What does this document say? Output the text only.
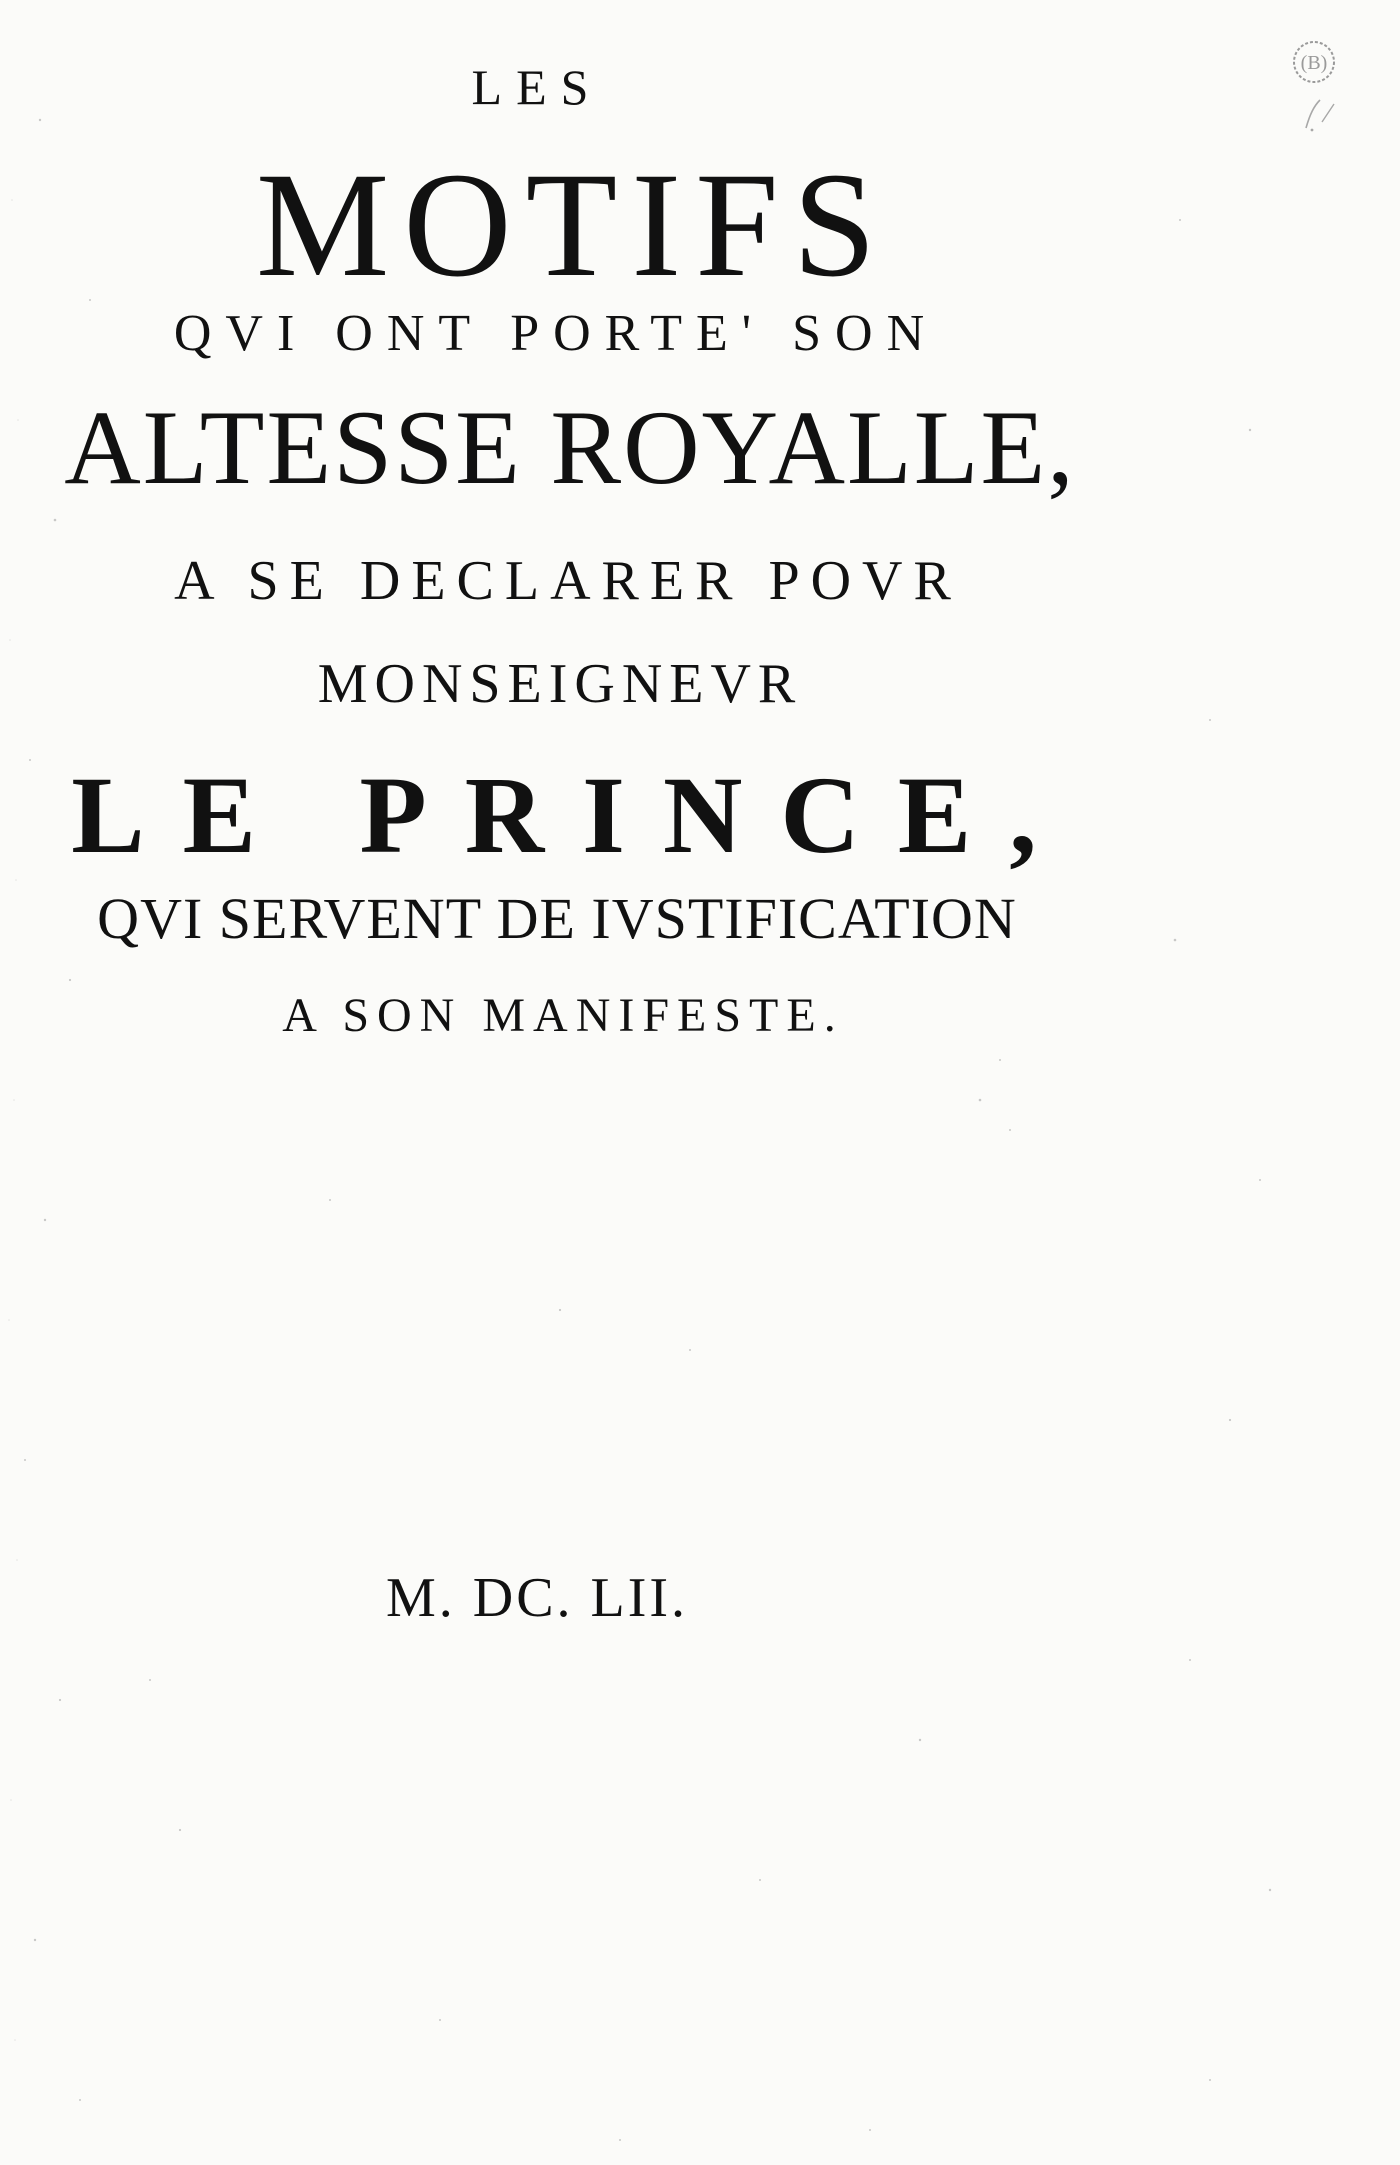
LES
MOTIFS
QVI ONT PORTE' SON
ALTESSE ROYALLE,
A SE DECLARER POVR
MONSEIGNEVR
LE PRINCE,
QVI SERVENT DE IVSTIFICATION
A SON MANIFESTE.
M. DC. LII.
(B)
